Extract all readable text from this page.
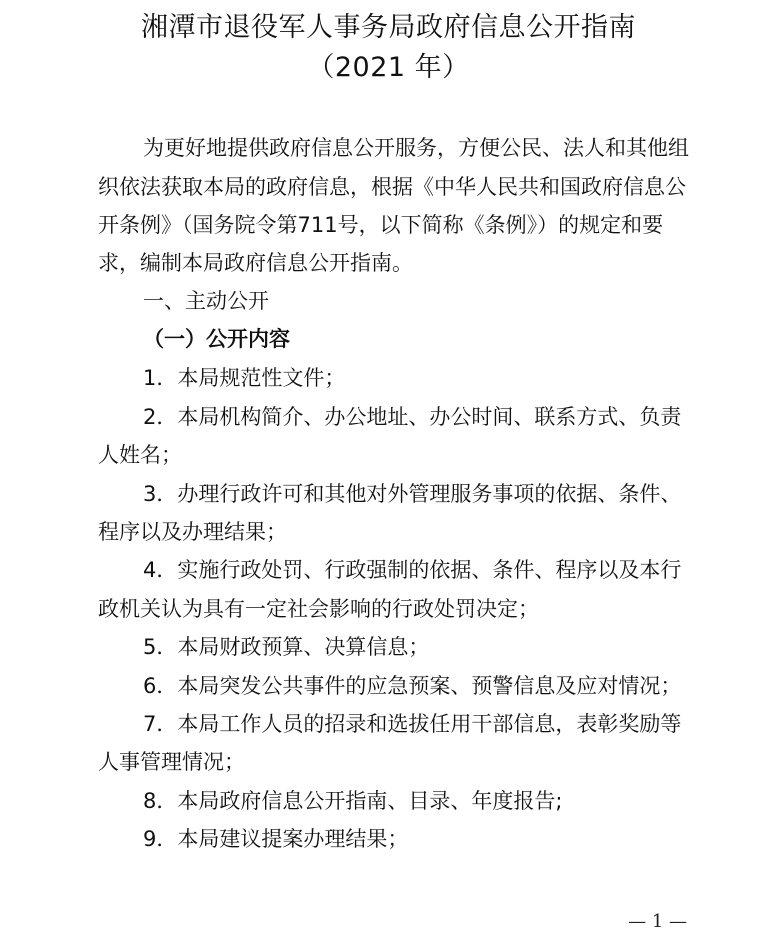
湘潭市退役军人事务局政府信息公开指南
（2021 年）
为更好地提供政府信息公开服务，方便公民、法人和其他组
织依法获取本局的政府信息，根据《中华人民共和国政府信息公
开条例》（国务院令第711号，以下简称《条例》）的规定和要
求，编制本局政府信息公开指南。
一、主动公开
（一）公开内容
1．本局规范性文件；
2．本局机构简介、办公地址、办公时间、联系方式、负责
人姓名；
3．办理行政许可和其他对外管理服务事项的依据、条件、
程序以及办理结果；
4．实施行政处罚、行政强制的依据、条件、程序以及本行
政机关认为具有一定社会影响的行政处罚决定；
5．本局财政预算、决算信息；
6．本局突发公共事件的应急预案、预警信息及应对情况；
7．本局工作人员的招录和选拔任用干部信息，表彰奖励等
人事管理情况；
8．本局政府信息公开指南、目录、年度报告;
9．本局建议提案办理结果；
— 1 —
